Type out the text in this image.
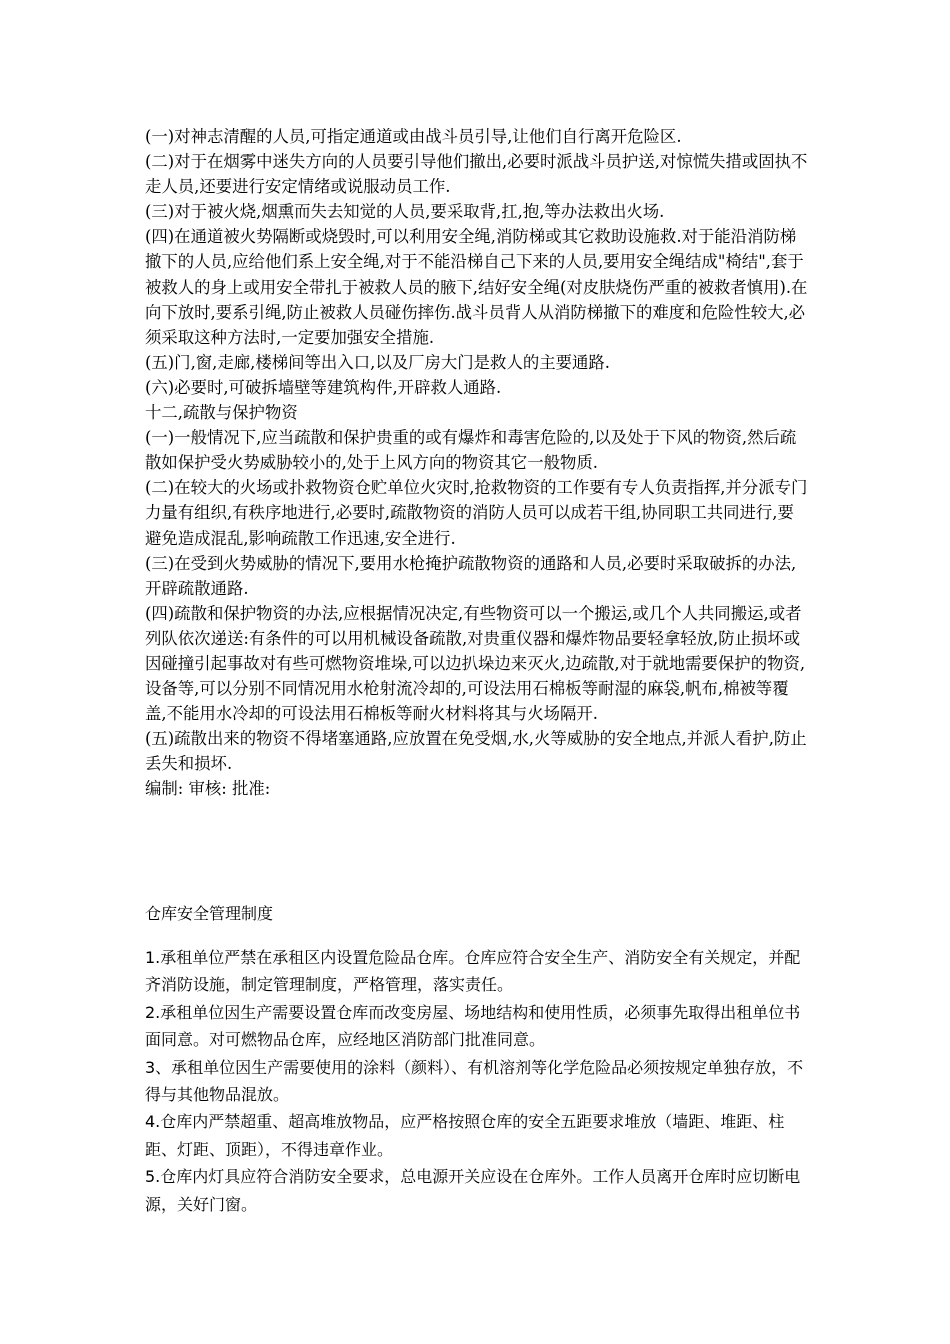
(一)对神志清醒的人员,可指定通道或由战斗员引导,让他们自行离开危险区.

(二)对于在烟雾中迷失方向的人员要引导他们撤出,必要时派战斗员护送,对惊慌失措或固执不走人员,还要进行安定情绪或说服动员工作.

(三)对于被火烧,烟熏而失去知觉的人员,要采取背,扛,抱,等办法救出火场.

(四)在通道被火势隔断或烧毁时,可以利用安全绳,消防梯或其它救助设施救.对于能沿消防梯撤下的人员,应给他们系上安全绳,对于不能沿梯自己下来的人员,要用安全绳结成"椅结",套于被救人的身上或用安全带扎于被救人员的腋下,结好安全绳(对皮肤烧伤严重的被救者慎用).在向下放时,要系引绳,防止被救人员碰伤摔伤.战斗员背人从消防梯撤下的难度和危险性较大,必须采取这种方法时,一定要加强安全措施.

(五)门,窗,走廊,楼梯间等出入口,以及厂房大门是救人的主要通路.

(六)必要时,可破拆墙壁等建筑构件,开辟救人通路.

十二,疏散与保护物资

(一)一般情况下,应当疏散和保护贵重的或有爆炸和毒害危险的,以及处于下风的物资,然后疏散如保护受火势威胁较小的,处于上风方向的物资其它一般物质.

(二)在较大的火场或扑救物资仓贮单位火灾时,抢救物资的工作要有专人负责指挥,并分派专门力量有组织,有秩序地进行,必要时,疏散物资的消防人员可以成若干组,协同职工共同进行,要避免造成混乱,影响疏散工作迅速,安全进行.

(三)在受到火势威胁的情况下,要用水枪掩护疏散物资的通路和人员,必要时采取破拆的办法,开辟疏散通路.

(四)疏散和保护物资的办法,应根据情况决定,有些物资可以一个搬运,或几个人共同搬运,或者列队依次递送:有条件的可以用机械设备疏散,对贵重仪器和爆炸物品要轻拿轻放,防止损坏或因碰撞引起事故对有些可燃物资堆垛,可以边扒垛边来灭火,边疏散,对于就地需要保护的物资,设备等,可以分别不同情况用水枪射流冷却的,可设法用石棉板等耐湿的麻袋,帆布,棉被等覆盖,不能用水冷却的可设法用石棉板等耐火材料将其与火场隔开.

(五)疏散出来的物资不得堵塞通路,应放置在免受烟,水,火等威胁的安全地点,并派人看护,防止丢失和损坏.

编制: 审核: 批准:

仓库安全管理制度

1.承租单位严禁在承租区内设置危险品仓库。仓库应符合安全生产、消防安全有关规定，并配齐消防设施，制定管理制度，严格管理，落实责任。

2.承租单位因生产需要设置仓库而改变房屋、场地结构和使用性质，必须事先取得出租单位书面同意。对可燃物品仓库，应经地区消防部门批准同意。

3、承租单位因生产需要使用的涂料（颜料）、有机溶剂等化学危险品必须按规定单独存放，不得与其他物品混放。

4.仓库内严禁超重、超高堆放物品，应严格按照仓库的安全五距要求堆放（墙距、堆距、柱距、灯距、顶距），不得违章作业。

5.仓库内灯具应符合消防安全要求，总电源开关应设在仓库外。工作人员离开仓库时应切断电源，关好门窗。
